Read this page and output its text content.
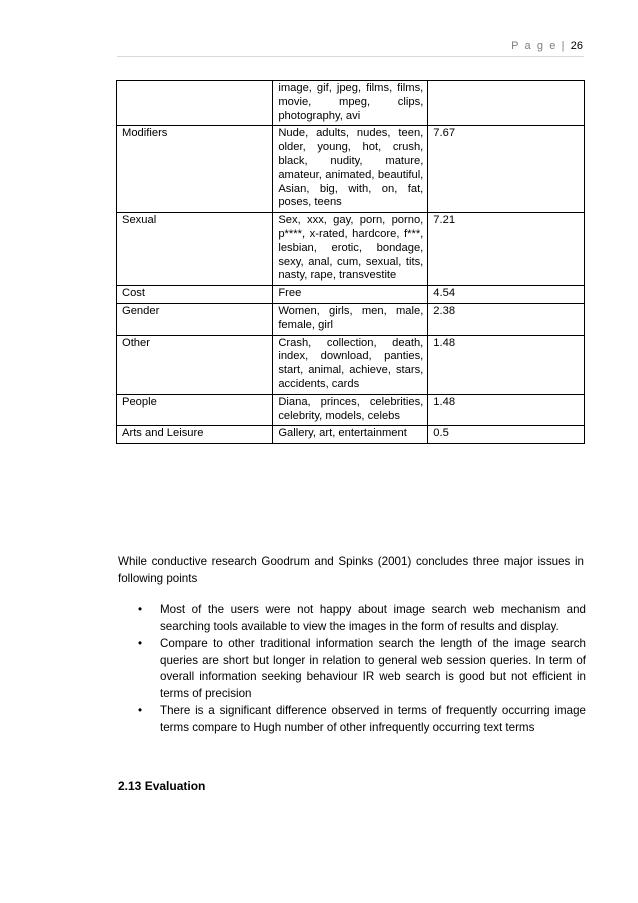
P a g e | 26
	image, gif, jpeg, films, films, movie, mpeg, clips, photography, avi	
Modifiers	Nude, adults, nudes, teen, older, young, hot, crush, black, nudity, mature, amateur, animated, beautiful, Asian, big, with, on, fat, poses, teens	7.67
Sexual	Sex, xxx, gay, porn, porno, p****, x-rated, hardcore, f***, lesbian, erotic, bondage, sexy, anal, cum, sexual, tits, nasty, rape, transvestite	7.21
Cost	Free	4.54
Gender	Women, girls, men, male, female, girl	2.38
Other	Crash, collection, death, index, download, panties, start, animal, achieve, stars, accidents, cards	1.48
People	Diana, princes, celebrities, celebrity, models, celebs	1.48
Arts and Leisure	Gallery, art, entertainment	0.5

While conductive research Goodrum and Spinks (2001) concludes three major issues in following points

• Most of the users were not happy about image search web mechanism and searching tools available to view the images in the form of results and display.
• Compare to other traditional information search the length of the image search queries are short but longer in relation to general web session queries. In term of overall information seeking behaviour IR web search is good but not efficient in terms of precision
• There is a significant difference observed in terms of frequently occurring image terms compare to Hugh number of other infrequently occurring text terms
2.13 Evaluation
